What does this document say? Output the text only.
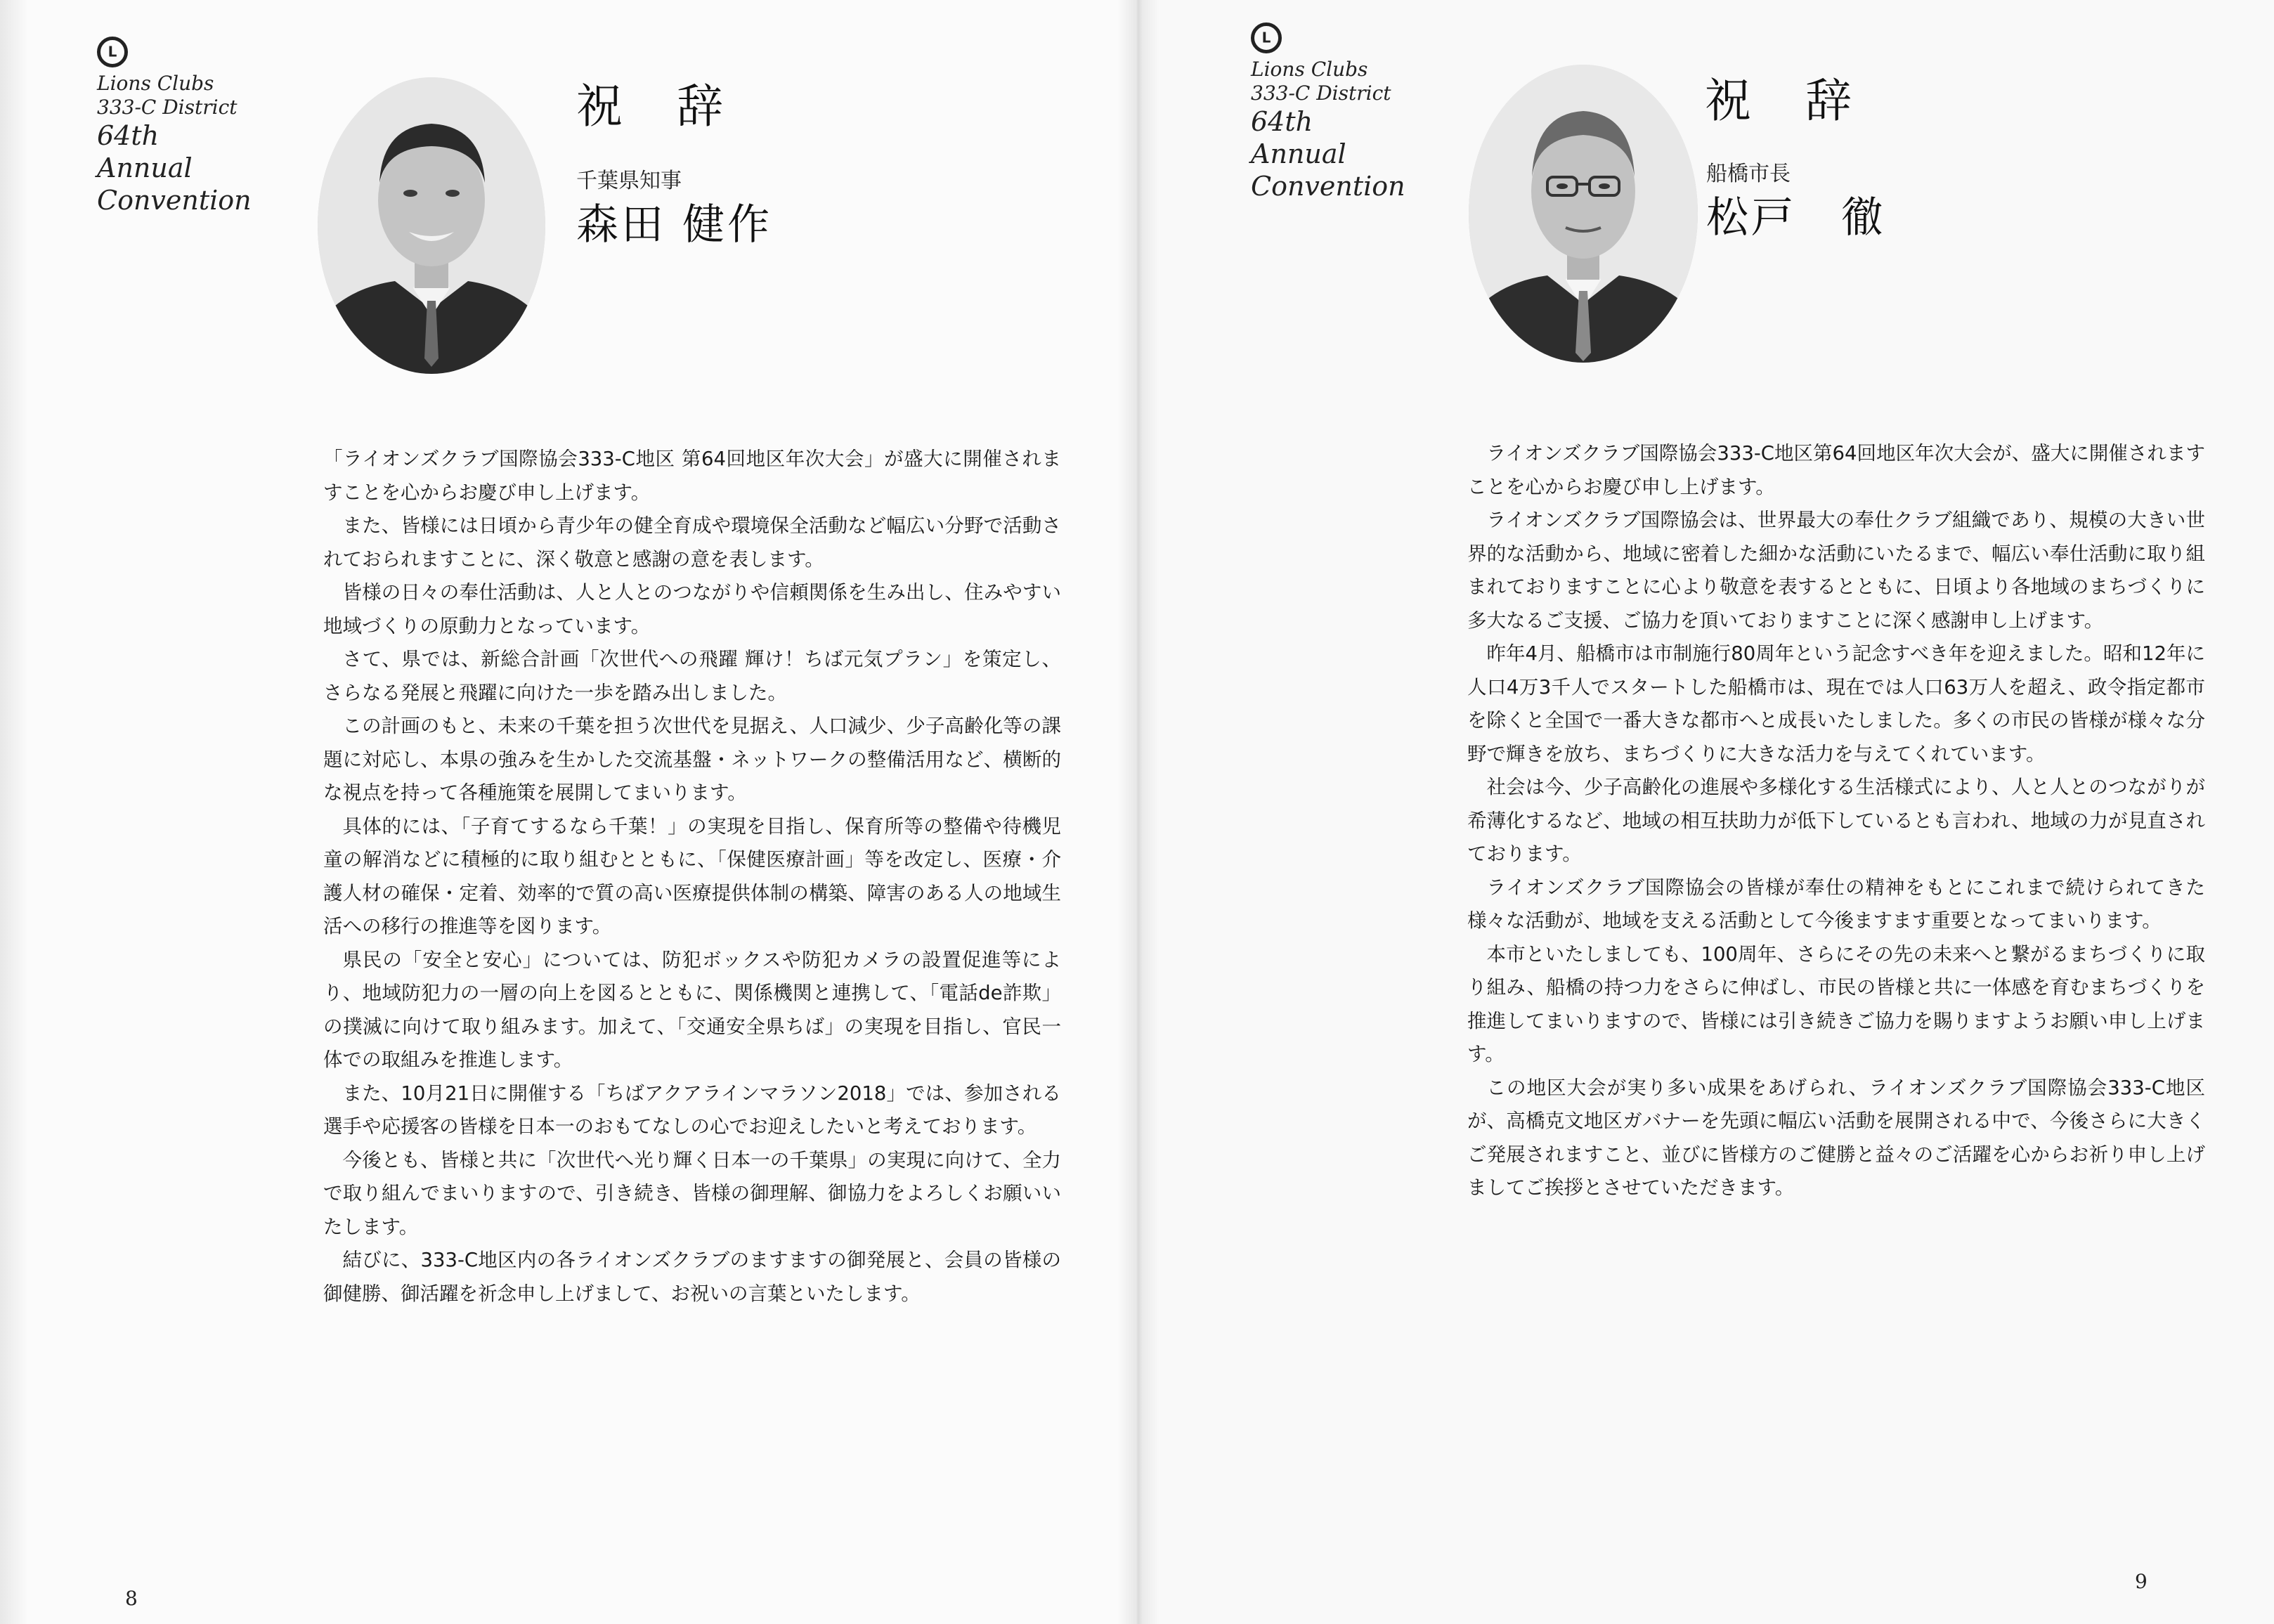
L
Lions Clubs
333-C District
64th
Annual
Convention
祝 辞
千葉県知事
森田 健作

「ライオンズクラブ国際協会333-C地区 第64回地区年次大会」が盛大に開催されますことを心からお慶び申し上げます。

また、皆様には日頃から青少年の健全育成や環境保全活動など幅広い分野で活動されておられますことに、深く敬意と感謝の意を表します。

皆様の日々の奉仕活動は、人と人とのつながりや信頼関係を生み出し、住みやすい地域づくりの原動力となっています。

さて、県では、新総合計画「次世代への飛躍 輝け！ちば元気プラン」を策定し、さらなる発展と飛躍に向けた一歩を踏み出しました。

この計画のもと、未来の千葉を担う次世代を見据え、人口減少、少子高齢化等の課題に対応し、本県の強みを生かした交流基盤・ネットワークの整備活用など、横断的な視点を持って各種施策を展開してまいります。

具体的には、「子育てするなら千葉！」の実現を目指し、保育所等の整備や待機児童の解消などに積極的に取り組むとともに、「保健医療計画」等を改定し、医療・介護人材の確保・定着、効率的で質の高い医療提供体制の構築、障害のある人の地域生活への移行の推進等を図ります。

県民の「安全と安心」については、防犯ボックスや防犯カメラの設置促進等により、地域防犯力の一層の向上を図るとともに、関係機関と連携して、「電話de詐欺」の撲滅に向けて取り組みます。加えて、「交通安全県ちば」の実現を目指し、官民一体での取組みを推進します。

また、10月21日に開催する「ちばアクアラインマラソン2018」では、参加される選手や応援客の皆様を日本一のおもてなしの心でお迎えしたいと考えております。

今後とも、皆様と共に「次世代へ光り輝く日本一の千葉県」の実現に向けて、全力で取り組んでまいりますので、引き続き、皆様の御理解、御協力をよろしくお願いいたします。

結びに、333-C地区内の各ライオンズクラブのますますの御発展と、会員の皆様の御健勝、御活躍を祈念申し上げまして、お祝いの言葉といたします。

8
L
Lions Clubs
333-C District
64th
Annual
Convention
祝 辞
船橋市長
松戸　徹

ライオンズクラブ国際協会333-C地区第64回地区年次大会が、盛大に開催されますことを心からお慶び申し上げます。

ライオンズクラブ国際協会は、世界最大の奉仕クラブ組織であり、規模の大きい世界的な活動から、地域に密着した細かな活動にいたるまで、幅広い奉仕活動に取り組まれておりますことに心より敬意を表するとともに、日頃より各地域のまちづくりに多大なるご支援、ご協力を頂いておりますことに深く感謝申し上げます。

昨年4月、船橋市は市制施行80周年という記念すべき年を迎えました。昭和12年に人口4万3千人でスタートした船橋市は、現在では人口63万人を超え、政令指定都市を除くと全国で一番大きな都市へと成長いたしました。多くの市民の皆様が様々な分野で輝きを放ち、まちづくりに大きな活力を与えてくれています。

社会は今、少子高齢化の進展や多様化する生活様式により、人と人とのつながりが希薄化するなど、地域の相互扶助力が低下しているとも言われ、地域の力が見直されております。

ライオンズクラブ国際協会の皆様が奉仕の精神をもとにこれまで続けられてきた様々な活動が、地域を支える活動として今後ますます重要となってまいります。

本市といたしましても、100周年、さらにその先の未来へと繋がるまちづくりに取り組み、船橋の持つ力をさらに伸ばし、市民の皆様と共に一体感を育むまちづくりを推進してまいりますので、皆様には引き続きご協力を賜りますようお願い申し上げます。

この地区大会が実り多い成果をあげられ、ライオンズクラブ国際協会333-C地区が、高橋克文地区ガバナーを先頭に幅広い活動を展開される中で、今後さらに大きくご発展されますこと、並びに皆様方のご健勝と益々のご活躍を心からお祈り申し上げましてご挨拶とさせていただきます。

9
